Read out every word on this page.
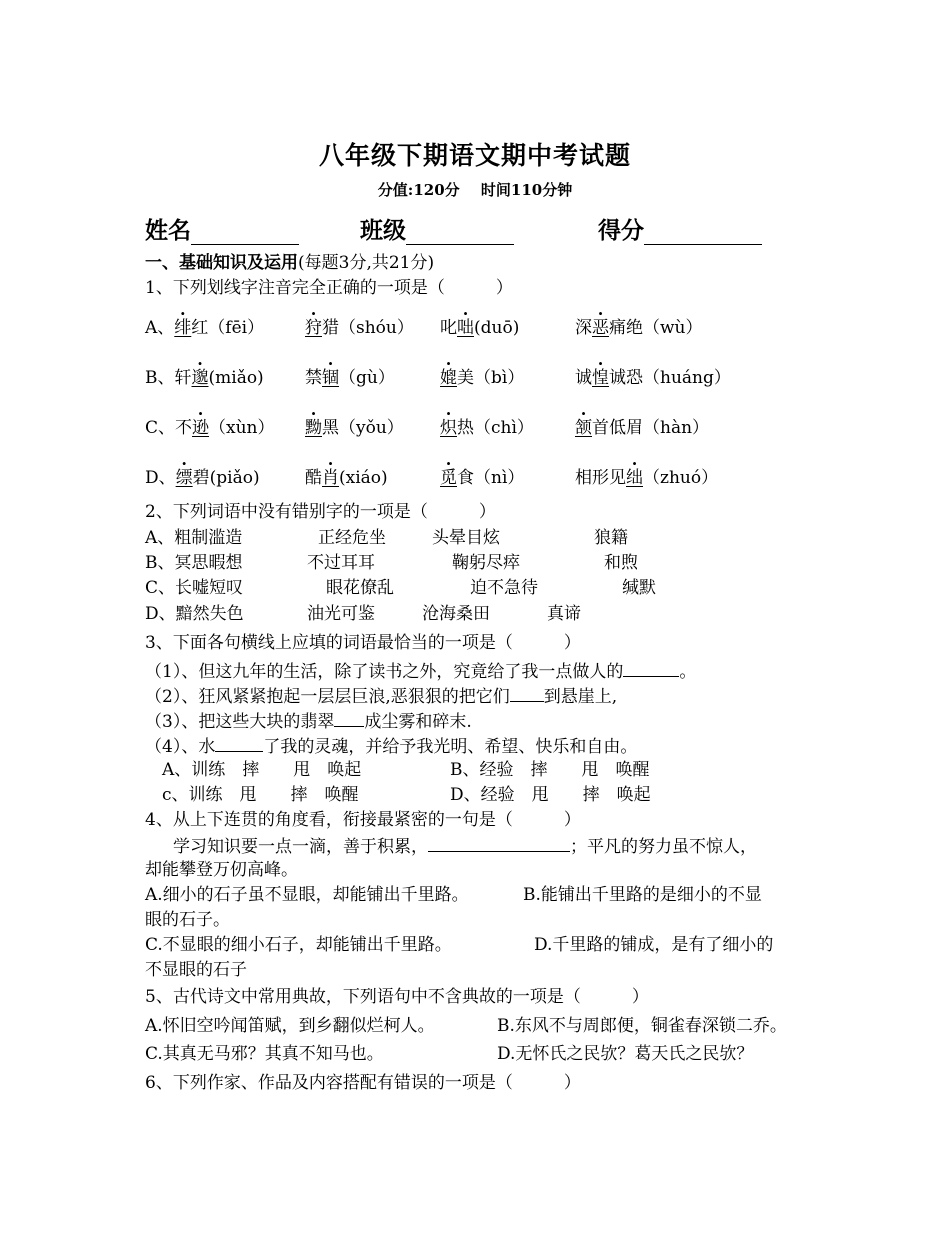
八年级下期语文期中考试题
分值:120分 时间110分钟
姓名	班级	得分
一、基础知识及运用(每题3分,共21分)
1、下列划线字注音完全正确的一项是（　　　）
A、绯红（fēi） 狩猎（shóu） 叱咄(duō)	深恶痛绝（wù）
B、轩邈(miǎo) 禁锢（gù）	媲美（bì）	诚惶诚恐（huáng）
C、不逊（xùn） 黝黑（yǒu） 炽热（chì） 颔首低眉（hàn）
D、缥碧(piǎo)	酷肖(xiáo)	觅食（nì）	相形见绌（zhuó）
2、下列词语中没有错别字的一项是（　　　）
A、粗制滥造	正经危坐	头晕目炫	狼籍
B、冥思暇想	不过耳耳	鞠躬尽瘁	和煦
C、长嘘短叹	眼花僚乱	迫不急待	缄默
D、黯然失色	油光可鉴	沧海桑田	真谛
3、下面各句横线上应填的词语最恰当的一项是（　　　）
（1）、但这九年的生活，除了读书之外，究竟给了我一点做人的	。
（2）、狂风紧紧抱起一层层巨浪,恶狠狠的把它们 到悬崖上,
（3）、把这些大块的翡翠 成尘雾和碎末.
（4）、水	了我的灵魂，并给予我光明、希望、快乐和自由。
A、训练　摔　　甩　唤起	B、经验　摔　　甩　唤醒
c、训练　甩　　摔　唤醒	D、经验　甩　　摔　唤起
4、从上下连贯的角度看，衔接最紧密的一句是（　　　）
学习知识要一点一滴，善于积累，	；平凡的努力虽不惊人，
却能攀登万仞高峰。
A.细小的石子虽不显眼，却能铺出千里路。	B.能铺出千里路的是细小的不显
眼的石子。
C.不显眼的细小石子，却能铺出千里路。	D.千里路的铺成，是有了细小的
不显眼的石子
5、古代诗文中常用典故，下列语句中不含典故的一项是（　　　）
A.怀旧空吟闻笛赋，到乡翻似烂柯人。	B.东风不与周郎便，铜雀春深锁二乔。
C.其真无马邪？其真不知马也。	D.无怀氏之民欤？葛天氏之民欤？
6、下列作家、作品及内容搭配有错误的一项是（　　　）
